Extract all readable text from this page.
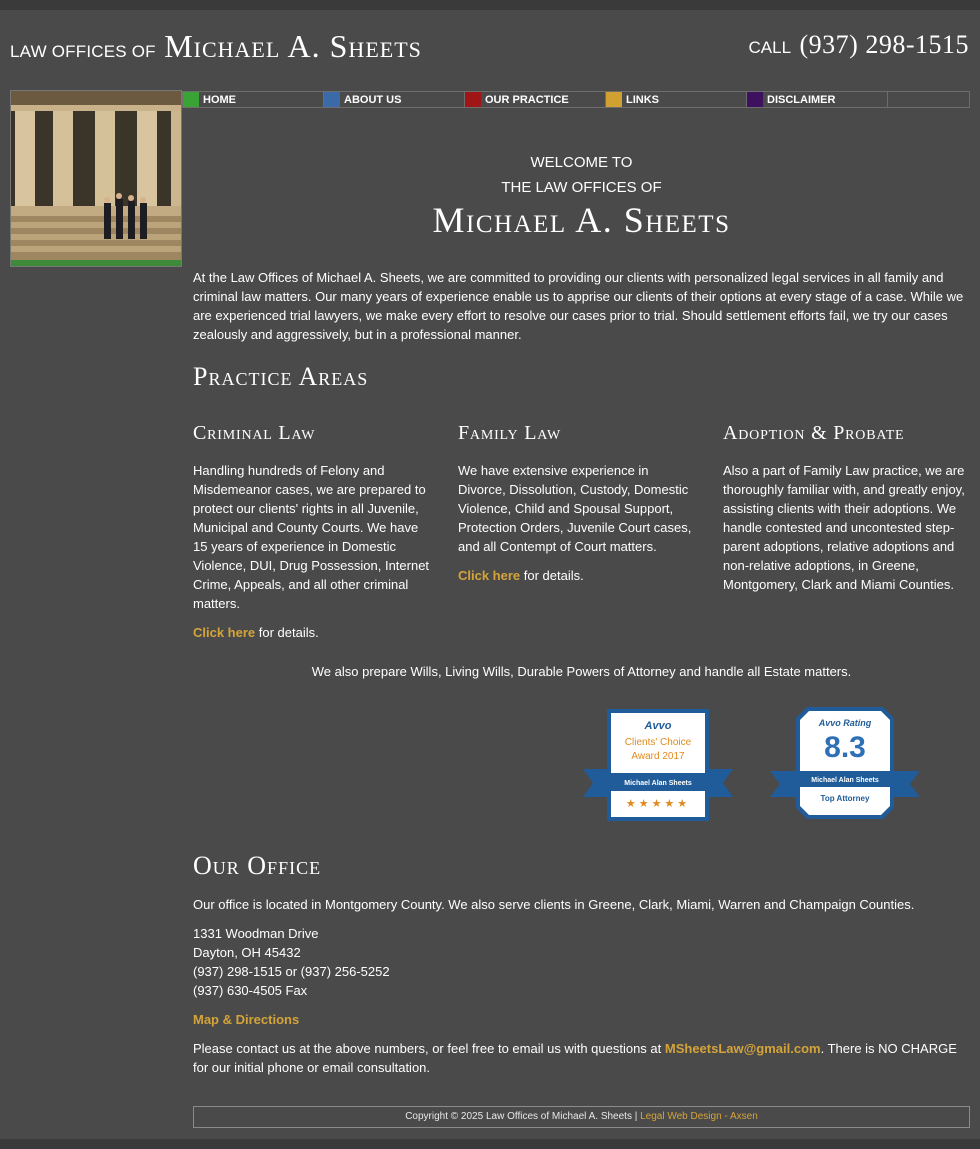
LAW OFFICES OF Michael A. Sheets	CALL (937) 298-1515
HOME	ABOUT US	OUR PRACTICE	LINKS	DISCLAIMER
WELCOME TO
THE LAW OFFICES OF
Michael A. Sheets

At the Law Offices of Michael A. Sheets, we are committed to providing our clients with personalized legal services in all family and criminal law matters. Our many years of experience enable us to apprise our clients of their options at every stage of a case. While we are experienced trial lawyers, we make every effort to resolve our cases prior to trial. Should settlement efforts fail, we try our cases zealously and aggressively, but in a professional manner.

Practice Areas
Criminal Law

Handling hundreds of Felony and Misdemeanor cases, we are prepared to protect our clients' rights in all Juvenile, Municipal and County Courts. We have 15 years of experience in Domestic Violence, DUI, Drug Possession, Internet Crime, Appeals, and all other criminal matters.

Click here for details.

Family Law

We have extensive experience in Divorce, Dissolution, Custody, Domestic Violence, Child and Spousal Support, Protection Orders, Juvenile Court cases, and all Contempt of Court matters.

Click here for details.

Adoption & Probate

Also a part of Family Law practice, we are thoroughly familiar with, and greatly enjoy, assisting clients with their adoptions. We handle contested and uncontested step-parent adoptions, relative adoptions and non-relative adoptions, in Greene, Montgomery, Clark and Miami Counties.

We also prepare Wills, Living Wills, Durable Powers of Attorney and handle all Estate matters.
Avvo
Clients' Choice
Award 2017
Michael Alan Sheets
★★★★★
Avvo Rating
8.3
Michael Alan Sheets
Top Attorney
Our Office

Our office is located in Montgomery County. We also serve clients in Greene, Clark, Miami, Warren and Champaign Counties.

1331 Woodman Drive
Dayton, OH 45432
(937) 298-1515 or (937) 256-5252
(937) 630-4505 Fax

Map & Directions

Please contact us at the above numbers, or feel free to email us with questions at MSheetsLaw@gmail.com. There is NO CHARGE for our initial phone or email consultation.

Copyright © 2025 Law Offices of Michael A. Sheets | Legal Web Design - Axsen
